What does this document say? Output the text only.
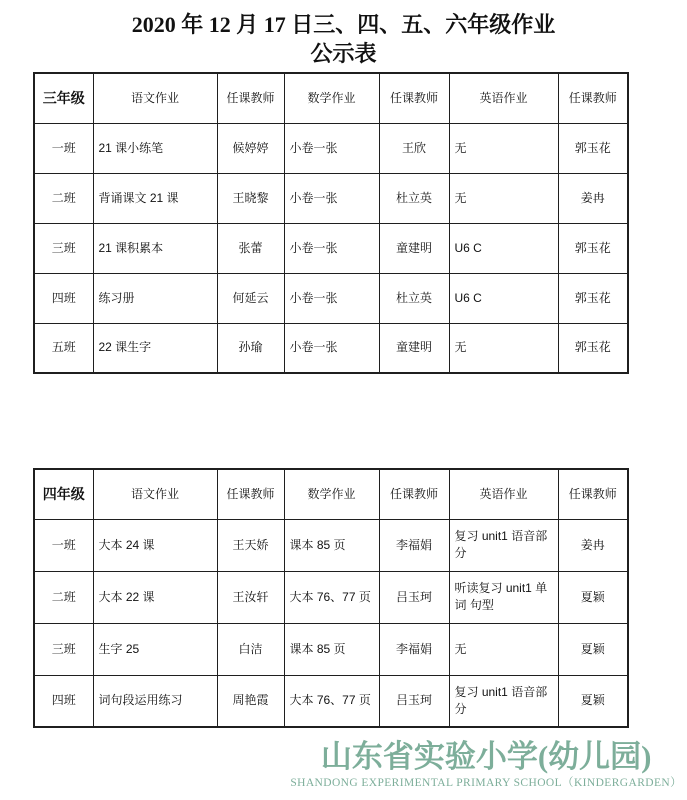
2020 年 12 月 17 日三、四、五、六年级作业
公示表
三年级	语文作业	任课教师	数学作业	任课教师	英语作业	任课教师
一班	21 课小练笔	候婷婷	小卷一张	王欣	无	郭玉花
二班	背诵课文 21 课	王晓黎	小卷一张	杜立英	无	姜冉
三班	21 课积累本	张蕾	小卷一张	童建明	U6 C	郭玉花
四班	练习册	何延云	小卷一张	杜立英	U6 C	郭玉花
五班	22 课生字	孙瑜	小卷一张	童建明	无	郭玉花
四年级	语文作业	任课教师	数学作业	任课教师	英语作业	任课教师
一班	大本 24 课	王天娇	课本 85 页	李福娟	复习 unit1 语音部分	姜冉
二班	大本 22 课	王汝轩	大本 76、77 页	吕玉珂	听读复习 unit1 单词 句型	夏颖
三班	生字 25	白洁	课本 85 页	李福娟	无	夏颖
四班	词句段运用练习	周艳霞	大本 76、77 页	吕玉珂	复习 unit1 语音部分	夏颖
山东省实验小学(幼儿园)
SHANDONG EXPERIMENTAL PRIMARY SCHOOL（KINDERGARDEN）
